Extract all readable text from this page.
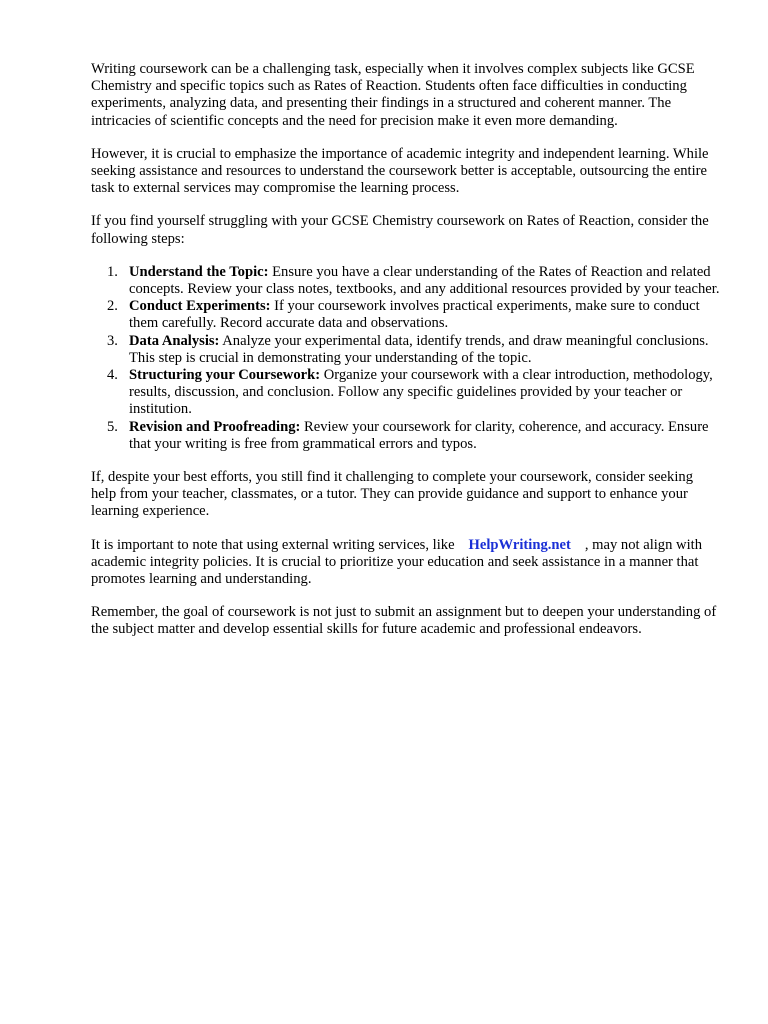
Writing coursework can be a challenging task, especially when it involves complex subjects like GCSE Chemistry and specific topics such as Rates of Reaction. Students often face difficulties in conducting experiments, analyzing data, and presenting their findings in a structured and coherent manner. The intricacies of scientific concepts and the need for precision make it even more demanding.

However, it is crucial to emphasize the importance of academic integrity and independent learning. While seeking assistance and resources to understand the coursework better is acceptable, outsourcing the entire task to external services may compromise the learning process.

If you find yourself struggling with your GCSE Chemistry coursework on Rates of Reaction, consider the following steps:

1. Understand the Topic: Ensure you have a clear understanding of the Rates of Reaction and related concepts. Review your class notes, textbooks, and any additional resources provided by your teacher.
2. Conduct Experiments: If your coursework involves practical experiments, make sure to conduct them carefully. Record accurate data and observations.
3. Data Analysis: Analyze your experimental data, identify trends, and draw meaningful conclusions. This step is crucial in demonstrating your understanding of the topic.
4. Structuring your Coursework: Organize your coursework with a clear introduction, methodology, results, discussion, and conclusion. Follow any specific guidelines provided by your teacher or institution.
5. Revision and Proofreading: Review your coursework for clarity, coherence, and accuracy. Ensure that your writing is free from grammatical errors and typos.

If, despite your best efforts, you still find it challenging to complete your coursework, consider seeking help from your teacher, classmates, or a tutor. They can provide guidance and support to enhance your learning experience.

It is important to note that using external writing services, like HelpWriting.net , may not align with academic integrity policies. It is crucial to prioritize your education and seek assistance in a manner that promotes learning and understanding.

Remember, the goal of coursework is not just to submit an assignment but to deepen your understanding of the subject matter and develop essential skills for future academic and professional endeavors.
